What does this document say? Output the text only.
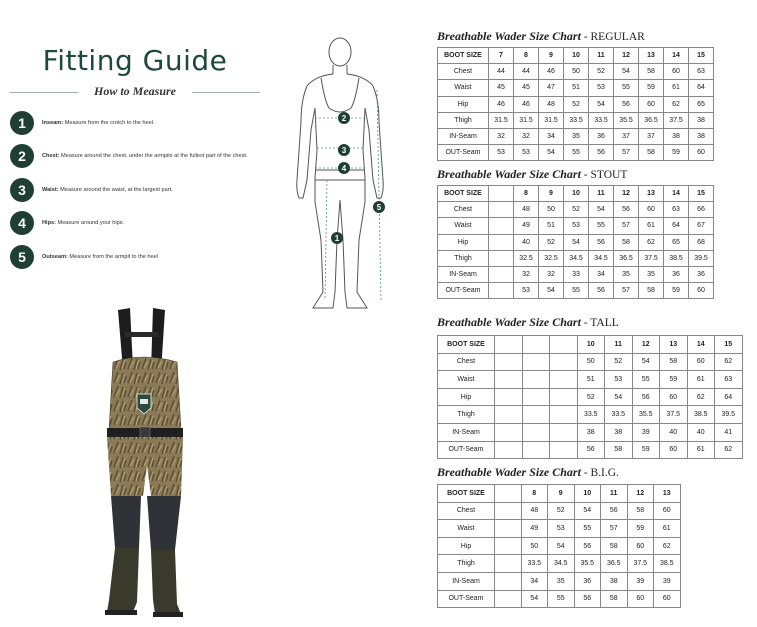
Fitting Guide
How to Measure
1	Inseam: Measure from the crotch to the heel.
2	Chest: Measure around the chest, under the armpits at the fullest part of the chest.
3	Waist: Measure around the waist, at the largest part.
4	Hips: Measure around your hips.
5	Outseam: Measure from the armpit to the heel
2
3
4
5
1
Breathable Wader Size Chart - REGULAR
BOOT SIZE	7	8	9	10	11	12	13	14	15
Chest	44	44	46	50	52	54	58	60	63
Waist	45	45	47	51	53	55	59	61	64
Hip	46	46	48	52	54	56	60	62	65
Thigh	31.5	31.5	31.5	33.5	33.5	35.5	36.5	37.5	38
IN-Seam	32	32	34	35	36	37	37	38	38
OUT-Seam	53	53	54	55	56	57	58	59	60
Breathable Wader Size Chart - STOUT
BOOT SIZE		8	9	10	11	12	13	14	15
Chest		48	50	52	54	56	60	63	66
Waist		49	51	53	55	57	61	64	67
Hip		40	52	54	56	58	62	65	68
Thigh		32.5	32.5	34.5	34.5	36.5	37.5	38.5	39.5
IN-Seam		32	32	33	34	35	35	36	36
OUT-Seam		53	54	55	56	57	58	59	60
Breathable Wader Size Chart - TALL
BOOT SIZE				10	11	12	13	14	15
Chest				50	52	54	58	60	62
Waist				51	53	55	59	61	63
Hip				52	54	56	60	62	64
Thigh				33.5	33.5	35.5	37.5	38.5	39.5
IN-Seam				38	38	39	40	40	41
OUT-Seam				56	58	59	60	61	62
Breathable Wader Size Chart - B.I.G.
BOOT SIZE		8	9	10	11	12	13
Chest		48	52	54	56	58	60
Waist		49	53	55	57	59	61
Hip		50	54	56	58	60	62
Thigh		33.5	34.5	35.5	36.5	37.5	38.5
IN-Seam		34	35	36	38	39	39
OUT-Seam		54	55	56	58	60	60
